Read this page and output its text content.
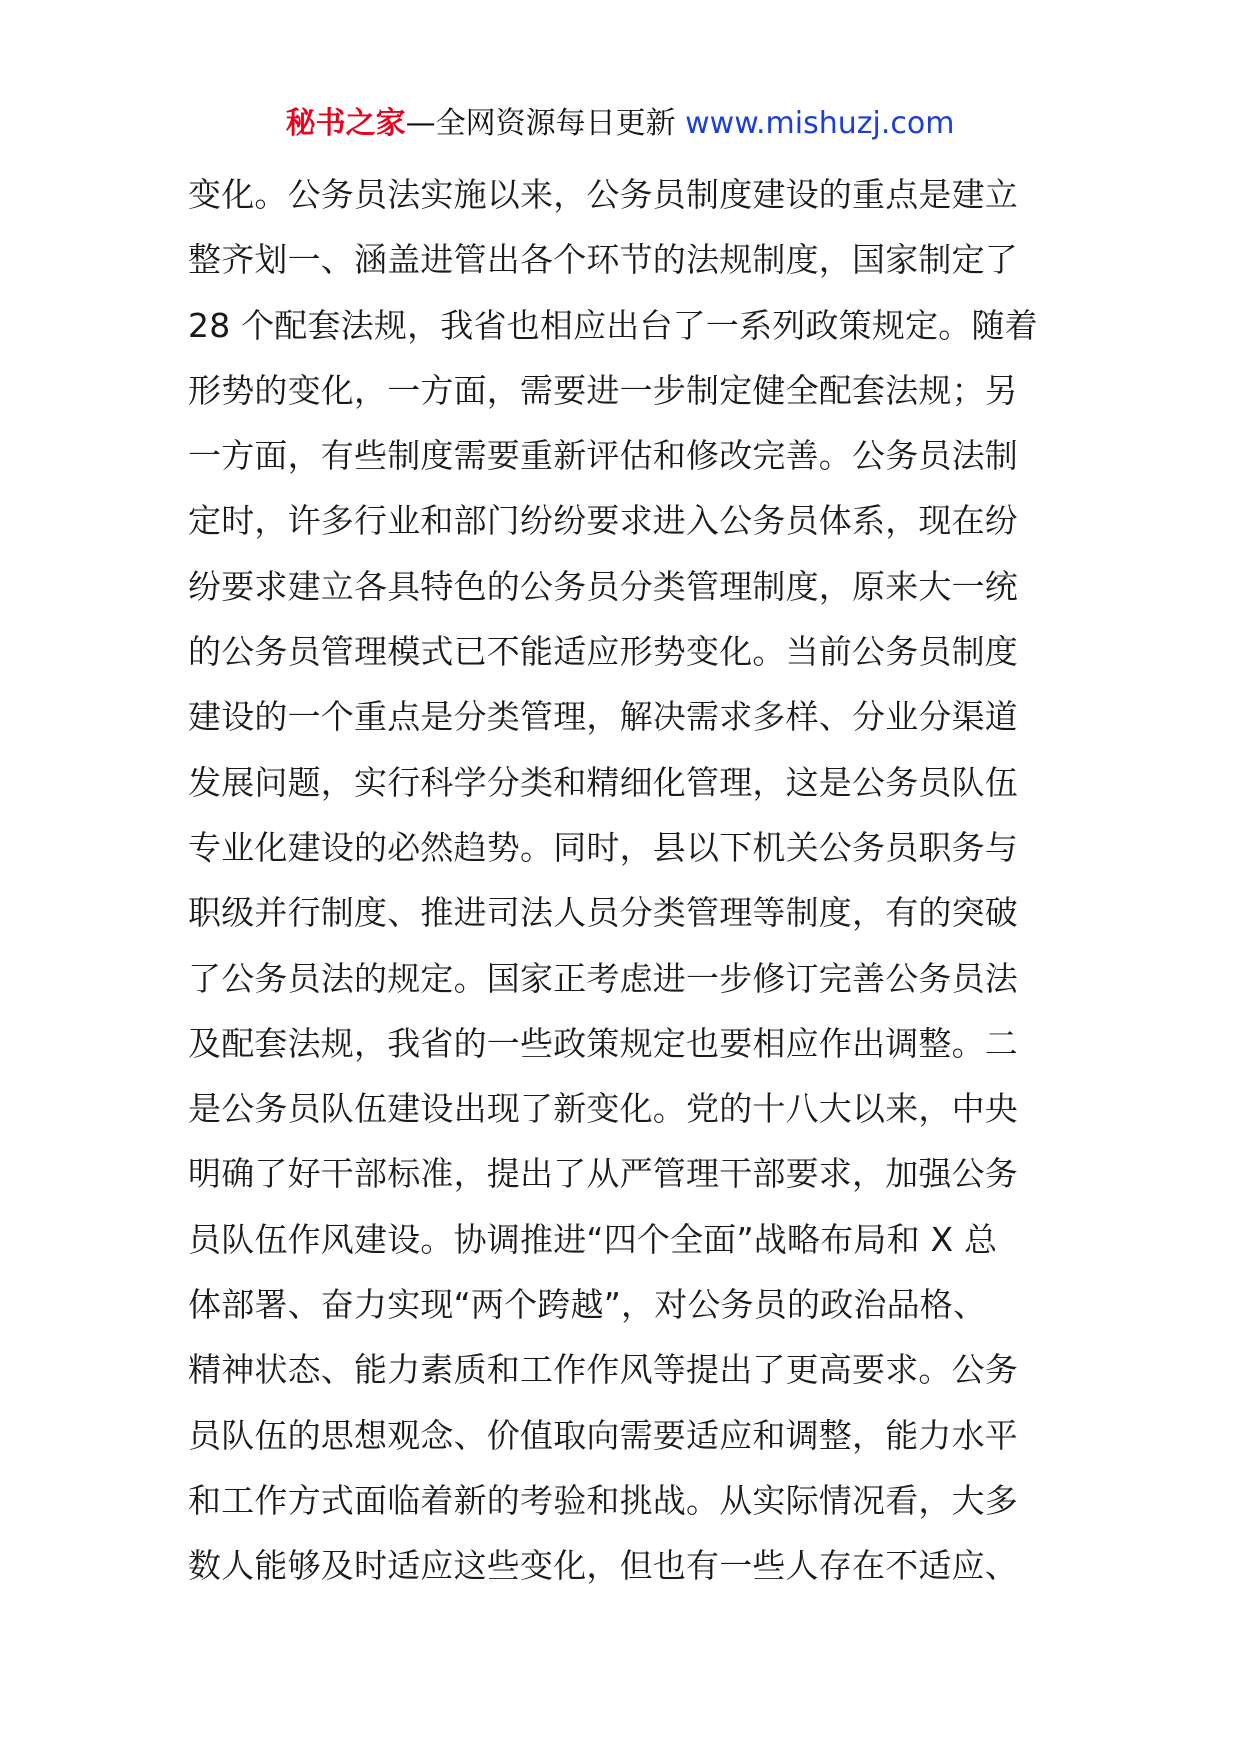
秘书之家—全网资源每日更新 www.mishuzj.com
变化。公务员法实施以来，公务员制度建设的重点是建立
整齐划一、涵盖进管出各个环节的法规制度，国家制定了
28 个配套法规，我省也相应出台了一系列政策规定。随着
形势的变化，一方面，需要进一步制定健全配套法规；另
一方面，有些制度需要重新评估和修改完善。公务员法制
定时，许多行业和部门纷纷要求进入公务员体系，现在纷
纷要求建立各具特色的公务员分类管理制度，原来大一统
的公务员管理模式已不能适应形势变化。当前公务员制度
建设的一个重点是分类管理，解决需求多样、分业分渠道
发展问题，实行科学分类和精细化管理，这是公务员队伍
专业化建设的必然趋势。同时，县以下机关公务员职务与
职级并行制度、推进司法人员分类管理等制度，有的突破
了公务员法的规定。国家正考虑进一步修订完善公务员法
及配套法规，我省的一些政策规定也要相应作出调整。二
是公务员队伍建设出现了新变化。党的十八大以来，中央
明确了好干部标准，提出了从严管理干部要求，加强公务
员队伍作风建设。协调推进“四个全面”战略布局和 X 总
体部署、奋力实现“两个跨越”，对公务员的政治品格、
精神状态、能力素质和工作作风等提出了更高要求。公务
员队伍的思想观念、价值取向需要适应和调整，能力水平
和工作方式面临着新的考验和挑战。从实际情况看，大多
数人能够及时适应这些变化，但也有一些人存在不适应、
